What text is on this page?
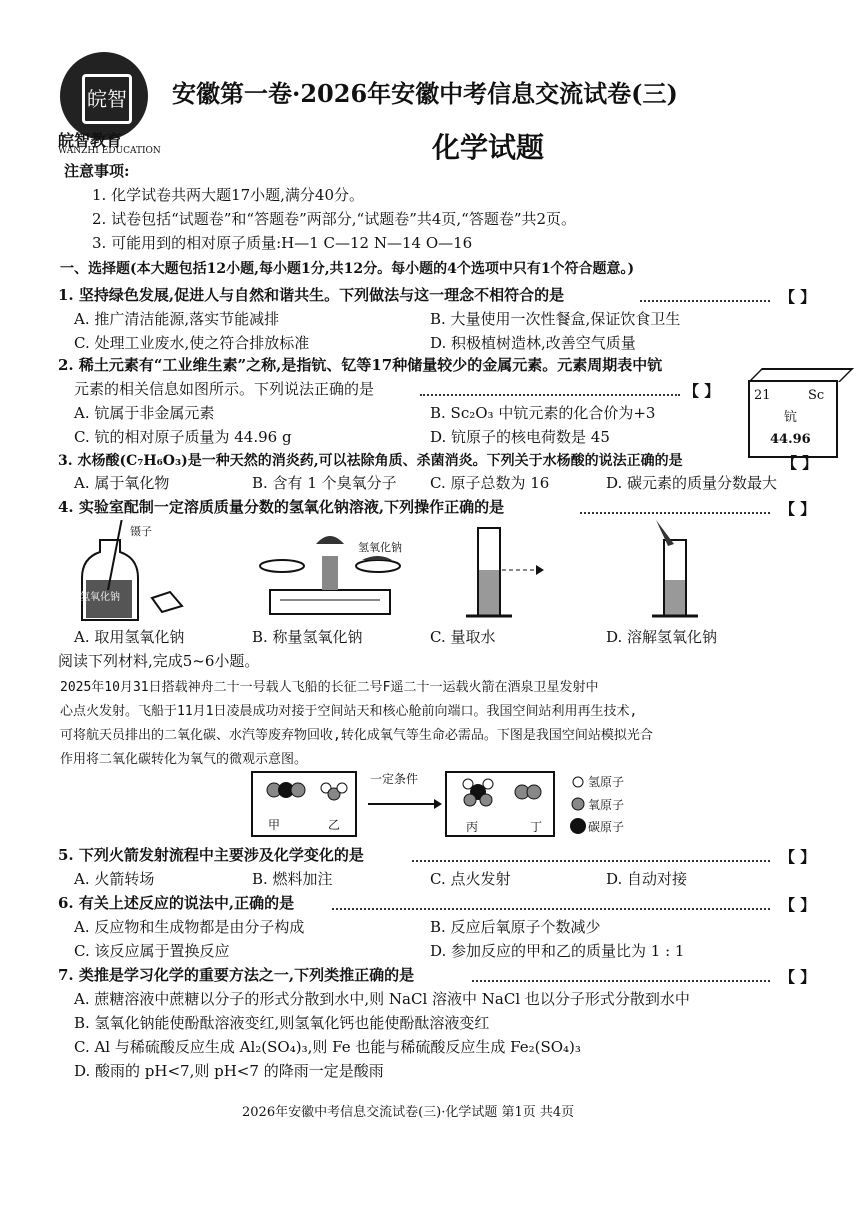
皖智
皖智教育
WANZHI EDUCATION
安徽第一卷·2026年安徽中考信息交流试卷(三)
化学试题
注意事项:
1. 化学试卷共两大题17小题,满分40分。
2. 试卷包括“试题卷”和“答题卷”两部分,“试题卷”共4页,“答题卷”共2页。
3. 可能用到的相对原子质量:H—1 C—12 N—14 O—16
一、选择题(本大题包括12小题,每小题1分,共12分。每小题的4个选项中只有1个符合题意。)
1. 坚持绿色发展,促进人与自然和谐共生。下列做法与这一理念不相符合的是	【 】
A. 推广清洁能源,落实节能减排	B. 大量使用一次性餐盒,保证饮食卫生
C. 处理工业废水,使之符合排放标准	D. 积极植树造林,改善空气质量
2. 稀土元素有“工业维生素”之称,是指钪、钇等17种储量较少的金属元素。元素周期表中钪
元素的相关信息如图所示。下列说法正确的是	【 】
A. 钪属于非金属元素	B. Sc₂O₃ 中钪元素的化合价为+3
C. 钪的相对原子质量为 44.96 g	D. 钪原子的核电荷数是 45
21	Sc
钪
44.96
3. 水杨酸(C₇H₆O₃)是一种天然的消炎药,可以祛除角质、杀菌消炎。下列关于水杨酸的说法正确的是	【 】
A. 属于氧化物	B. 含有 1 个臭氧分子 C. 原子总数为 16	D. 碳元素的质量分数最大
4. 实验室配制一定溶质质量分数的氢氧化钠溶液,下列操作正确的是	【 】
镊子
氢氧化钠
氢氧化钠
A. 取用氢氧化钠	B. 称量氢氧化钠	C. 量取水	D. 溶解氢氧化钠
阅读下列材料,完成5~6小题。
2025年10月31日搭载神舟二十一号载人飞船的长征二号F遥二十一运载火箭在酒泉卫星发射中
心点火发射。飞船于11月1日凌晨成功对接于空间站天和核心舱前向端口。我国空间站利用再生技术,
可将航天员排出的二氧化碳、水汽等废弃物回收,转化成氧气等生命必需品。下图是我国空间站模拟光合
作用将二氧化碳转化为氧气的微观示意图。
一定条件
甲	乙	丙	丁
氢原子
氧原子
碳原子
5. 下列火箭发射流程中主要涉及化学变化的是	【 】
A. 火箭转场	B. 燃料加注	C. 点火发射	D. 自动对接
6. 有关上述反应的说法中,正确的是	【 】
A. 反应物和生成物都是由分子构成	B. 反应后氧原子个数减少
C. 该反应属于置换反应	D. 参加反应的甲和乙的质量比为 1 : 1
7. 类推是学习化学的重要方法之一,下列类推正确的是	【 】
A. 蔗糖溶液中蔗糖以分子的形式分散到水中,则 NaCl 溶液中 NaCl 也以分子形式分散到水中
B. 氢氧化钠能使酚酞溶液变红,则氢氧化钙也能使酚酞溶液变红
C. Al 与稀硫酸反应生成 Al₂(SO₄)₃,则 Fe 也能与稀硫酸反应生成 Fe₂(SO₄)₃
D. 酸雨的 pH<7,则 pH<7 的降雨一定是酸雨
2026年安徽中考信息交流试卷(三)·化学试题 第1页 共4页
